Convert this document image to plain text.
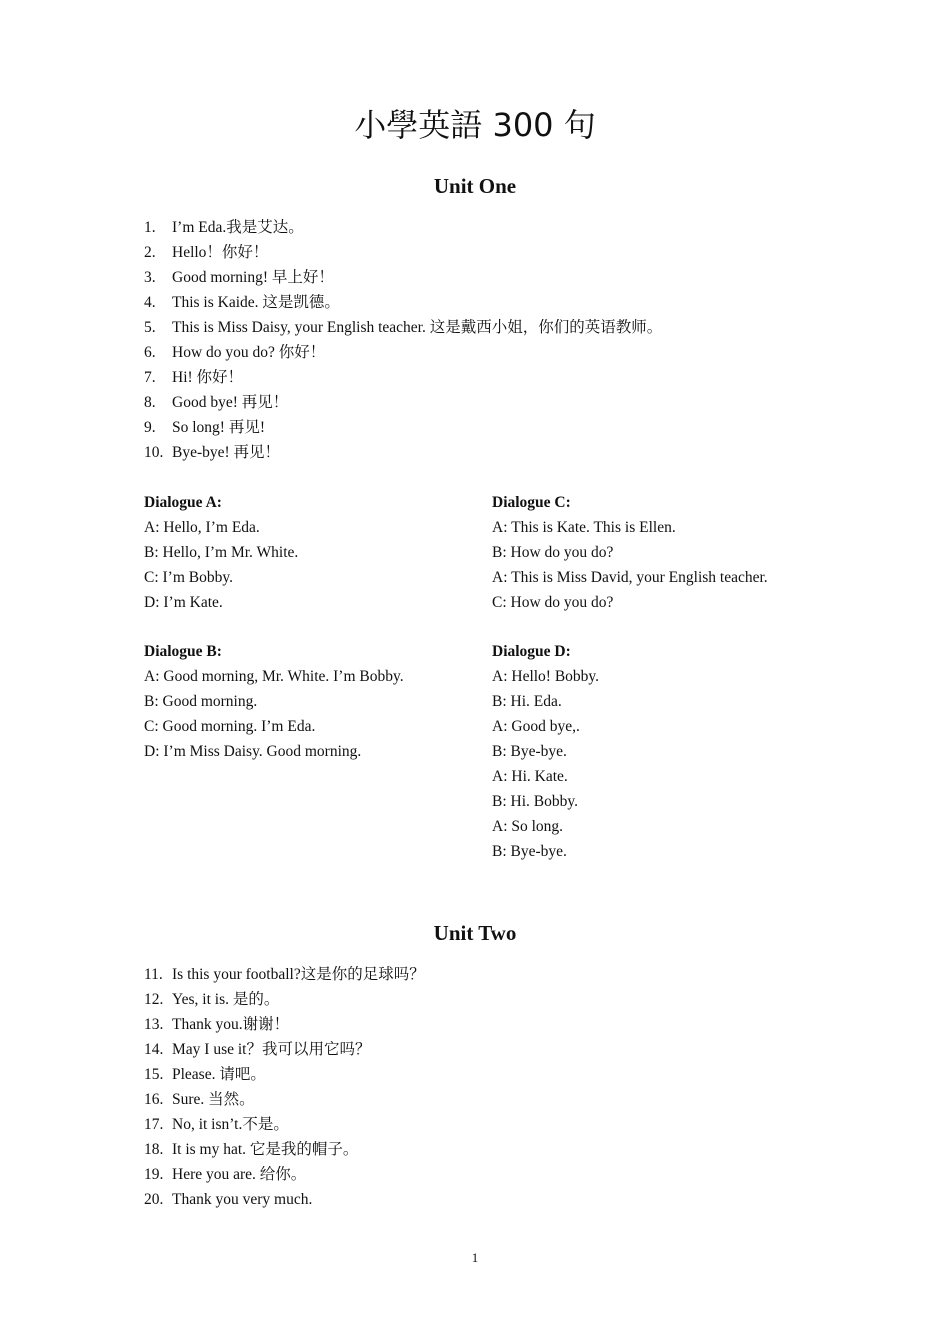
小學英語 300 句
Unit One
1. I’m Eda.我是艾达。
2. Hello！你好！
3. Good morning! 早上好！
4. This is Kaide. 这是凯德。
5. This is Miss Daisy, your English teacher. 这是戴西小姐，你们的英语教师。
6. How do you do? 你好！
7. Hi! 你好！
8. Good bye! 再见！
9. So long! 再见!
10. Bye-bye! 再见！
Dialogue A:
A: Hello, I’m Eda.
B: Hello, I’m Mr. White.
C: I’m Bobby.
D: I’m Kate.
Dialogue C:
A: This is Kate. This is Ellen.
B: How do you do?
A: This is Miss David, your English teacher.
C: How do you do?
Dialogue B:
A: Good morning, Mr. White. I’m Bobby.
B: Good morning.
C: Good morning. I’m Eda.
D: I’m Miss Daisy. Good morning.
Dialogue D:
A: Hello! Bobby.
B: Hi. Eda.
A: Good bye,.
B: Bye-bye.
A: Hi. Kate.
B: Hi. Bobby.
A: So long.
B: Bye-bye.
Unit Two
11. Is this your football?这是你的足球吗？
12. Yes, it is. 是的。
13. Thank you.谢谢！
14. May I use it？我可以用它吗？
15. Please. 请吧。
16. Sure. 当然。
17. No, it isn’t.不是。
18. It is my hat. 它是我的帽子。
19. Here you are. 给你。
20. Thank you very much.
1
